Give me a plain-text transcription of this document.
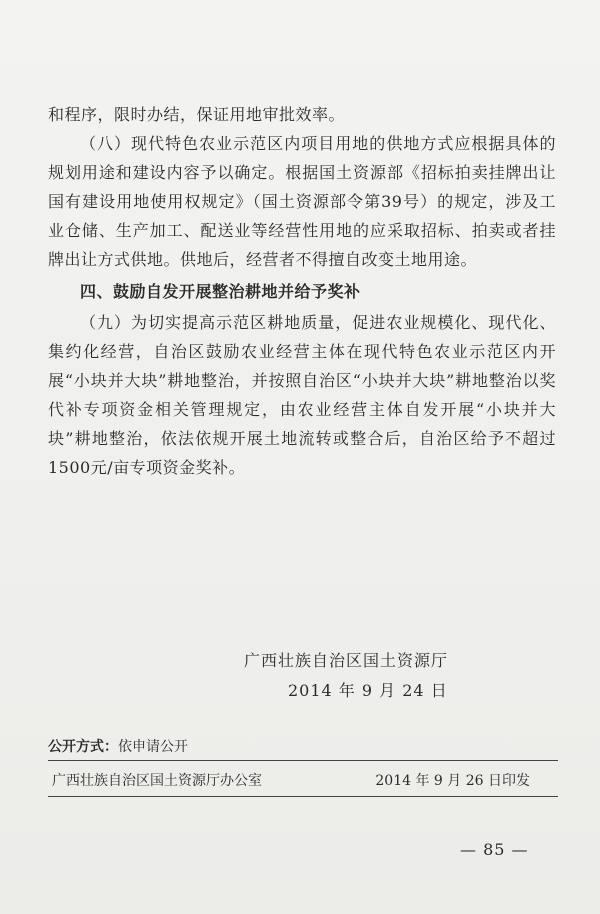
和程序，限时办结，保证用地审批效率。

（八）现代特色农业示范区内项目用地的供地方式应根据具体的规划用途和建设内容予以确定。根据国土资源部《招标拍卖挂牌出让国有建设用地使用权规定》（国土资源部令第39号）的规定，涉及工业仓储、生产加工、配送业等经营性用地的应采取招标、拍卖或者挂牌出让方式供地。供地后，经营者不得擅自改变土地用途。

四、鼓励自发开展整治耕地并给予奖补

（九）为切实提高示范区耕地质量，促进农业规模化、现代化、集约化经营，自治区鼓励农业经营主体在现代特色农业示范区内开展“小块并大块”耕地整治，并按照自治区“小块并大块”耕地整治以奖代补专项资金相关管理规定，由农业经营主体自发开展“小块并大块”耕地整治，依法依规开展土地流转或整合后，自治区给予不超过1500元/亩专项资金奖补。

广西壮族自治区国土资源厅
2014 年 9 月 24 日
公开方式：依申请公开
广西壮族自治区国土资源厅办公室	2014 年 9 月 26 日印发
— 85 —
